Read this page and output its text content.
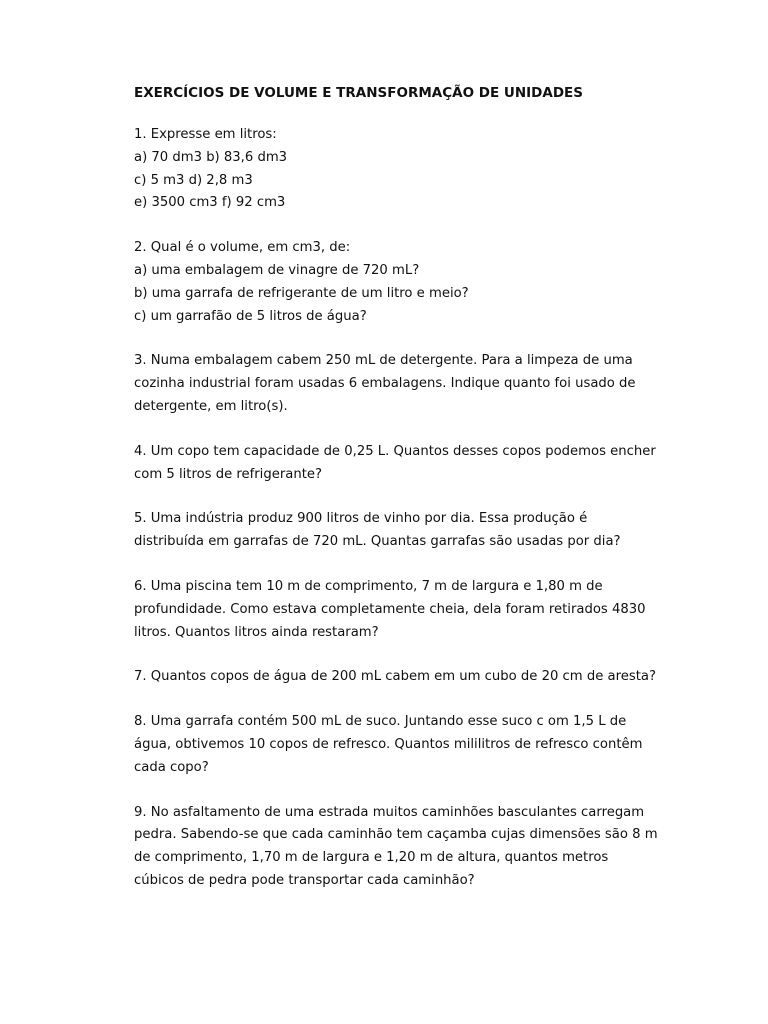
EXERCÍCIOS DE VOLUME E TRANSFORMAÇÃO DE UNIDADES
1. Expresse em litros:
a) 70 dm3 b) 83,6 dm3
c) 5 m3 d) 2,8 m3
e) 3500 cm3 f) 92 cm3
2. Qual é o volume, em cm3, de:
a) uma embalagem de vinagre de 720 mL?
b) uma garrafa de refrigerante de um litro e meio?
c) um garrafão de 5 litros de água?
3. Numa embalagem cabem 250 mL de detergente. Para a limpeza de uma
cozinha industrial foram usadas 6 embalagens. Indique quanto foi usado de
detergente, em litro(s).
4. Um copo tem capacidade de 0,25 L. Quantos desses copos podemos encher
com 5 litros de refrigerante?
5. Uma indústria produz 900 litros de vinho por dia. Essa produção é
distribuída em garrafas de 720 mL. Quantas garrafas são usadas por dia?
6. Uma piscina tem 10 m de comprimento, 7 m de largura e 1,80 m de
profundidade. Como estava completamente cheia, dela foram retirados 4830
litros. Quantos litros ainda restaram?
7. Quantos copos de água de 200 mL cabem em um cubo de 20 cm de aresta?
8. Uma garrafa contém 500 mL de suco. Juntando esse suco c om 1,5 L de
água, obtivemos 10 copos de refresco. Quantos mililitros de refresco contêm
cada copo?
9. No asfaltamento de uma estrada muitos caminhões basculantes carregam
pedra. Sabendo-se que cada caminhão tem caçamba cujas dimensões são 8 m
de comprimento, 1,70 m de largura e 1,20 m de altura, quantos metros
cúbicos de pedra pode transportar cada caminhão?
